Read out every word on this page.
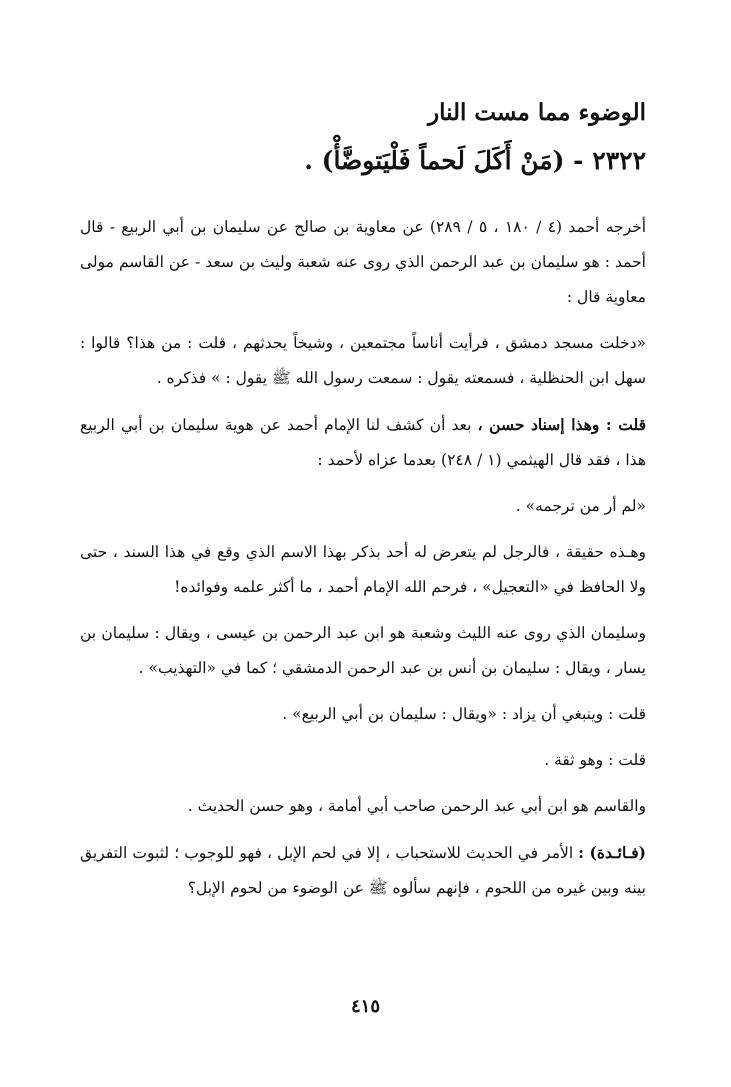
الوضوء مما مست النار
٢٣٢٢ - (مَنْ أَكَلَ لَحماً فَلْيَتوضَّأْ) .

أخرجه أحمد (٤ / ١٨٠ ، ٥ / ٢٨٩) عن معاوية بن صالح عن سليمان بن أبي الربيع - قال أحمد : هو سليمان بن عبد الرحمن الذي روى عنه شعبة وليث بن سعد - عن القاسم مولى معاوية قال :

«دخلت مسجد دمشق ، فرأيت أناساً مجتمعين ، وشيخاً يحدثهم ، قلت : من هذا؟ قالوا : سهل ابن الحنظلية ، فسمعته يقول : سمعت رسول الله ﷺ يقول : » فذكره .

قلت : وهذا إسناد حسن ، بعد أن كشف لنا الإمام أحمد عن هوية سليمان بن أبي الربيع هذا ، فقد قال الهيثمي (١ / ٢٤٨) بعدما عزاه لأحمد :

«لم أر من ترجمه» .

وهـذه حقيقة ، فالرجل لم يتعرض له أحد بذكر بهذا الاسم الذي وقع في هذا السند ، حتى ولا الحافظ في «التعجيل» ، فرحم الله الإمام أحمد ، ما أكثر علمه وفوائده!

وسليمان الذي روى عنه الليث وشعبة هو ابن عبد الرحمن بن عيسى ، ويقال : سليمان بن يسار ، ويقال : سليمان بن أنس بن عبد الرحمن الدمشقي ؛ كما في «التهذيب» .

قلت : وينبغي أن يزاد : «ويقال : سليمان بن أبي الربيع» .

قلت : وهو ثقة .

والقاسم هو ابن أبي عبد الرحمن صاحب أبي أمامة ، وهو حسن الحديث .

(فـائـدة) : الأمر في الحديث للاستحباب ، إلا في لحم الإبل ، فهو للوجوب ؛ لثبوت التفريق بينه وبين غيره من اللحوم ، فإنهم سألوه ﷺ عن الوضوء من لحوم الإبل؟

٤١٥
